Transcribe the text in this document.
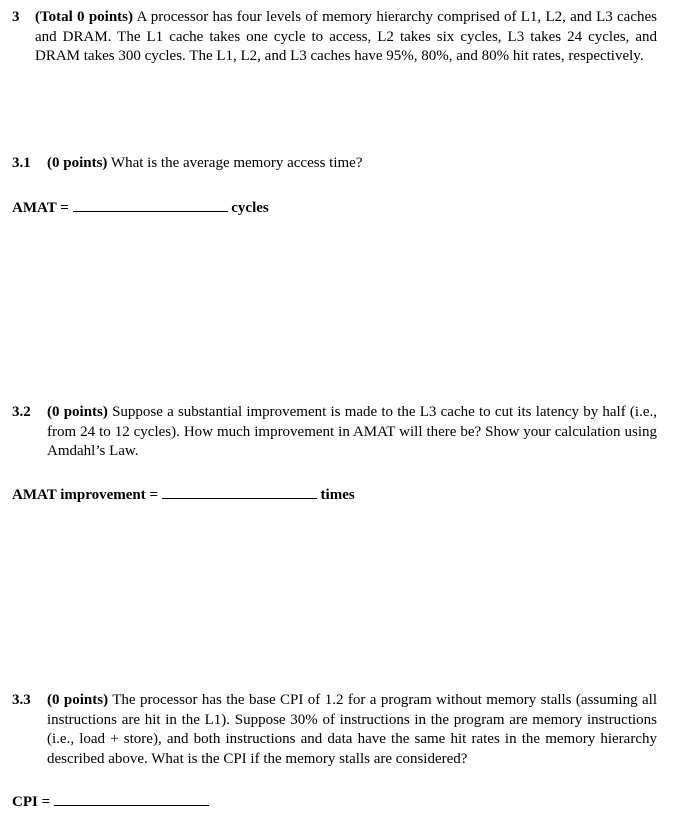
3 (Total 0 points) A processor has four levels of memory hierarchy comprised of L1, L2, and L3 caches and DRAM. The L1 cache takes one cycle to access, L2 takes six cycles, L3 takes 24 cycles, and DRAM takes 300 cycles. The L1, L2, and L3 caches have 95%, 80%, and 80% hit rates, respectively.
3.1 (0 points) What is the average memory access time?
AMAT =	cycles
3.2 (0 points) Suppose a substantial improvement is made to the L3 cache to cut its latency by half (i.e., from 24 to 12 cycles). How much improvement in AMAT will there be? Show your calculation using Amdahl’s Law.
AMAT improvement =	times
3.3 (0 points) The processor has the base CPI of 1.2 for a program without memory stalls (assuming all instructions are hit in the L1). Suppose 30% of instructions in the program are memory instructions (i.e., load + store), and both instructions and data have the same hit rates in the memory hierarchy described above. What is the CPI if the memory stalls are considered?
CPI =
